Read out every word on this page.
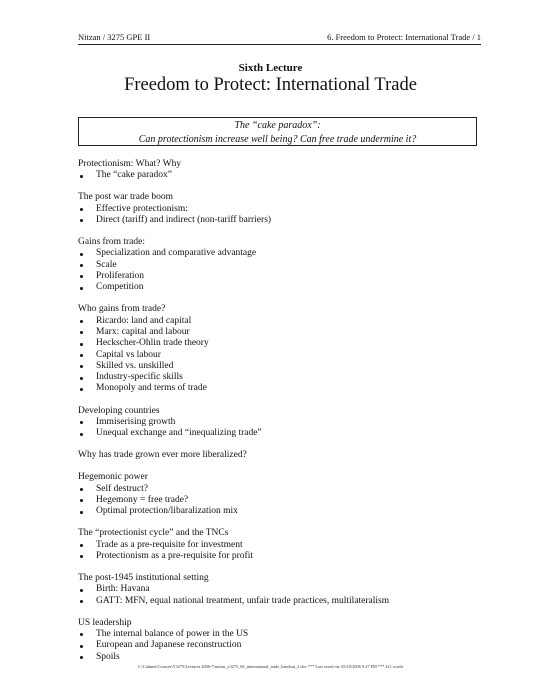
Nitzan / 3275 GPE II	6. Freedom to Protect: International Trade / 1
Sixth Lecture
Freedom to Protect: International Trade
The “cake paradox”:
Can protectionism increase well being? Can free trade undermine it?
Protectionism: What? Why
The “cake paradox”
The post war trade boom
Effective protectionism:
Direct (tariff) and indirect (non-tariff barriers)
Gains from trade:
Specialization and comparative advantage
Scale
Proliferation
Competition
Who gains from trade?
Ricardo: land and capital
Marx: capital and labour
Heckscher-Ohlin trade theory
Capital vs labour
Skilled vs. unskilled
Industry-specific skills
Monopoly and terms of trade
Developing countries
Immiserising growth
Unequal exchange and “inequalizing trade”
Why has trade grown ever more liberalized?
Hegemonic power
Self destruct?
Hegemony = free trade?
Optimal protection/libaralization mix
The “protectionist cycle” and the TNCs
Trade as a pre-requisite for investment
Protectionism as a pre-requisite for profit
The post-1945 institutional setting
Birth: Havana
GATT: MFN, equal national treatment, unfair trade practices, multilateralism
US leadership
The internal balance of power in the US
European and Japanese reconstruction
Spoils
C:\Cabinet\Courses\Y3275\Lectures 2006-7\nitzan_y3275_06_international_trade_handout_2.doc *** Last saved on: 05/10/2006 9:27 PM *** 411 words
